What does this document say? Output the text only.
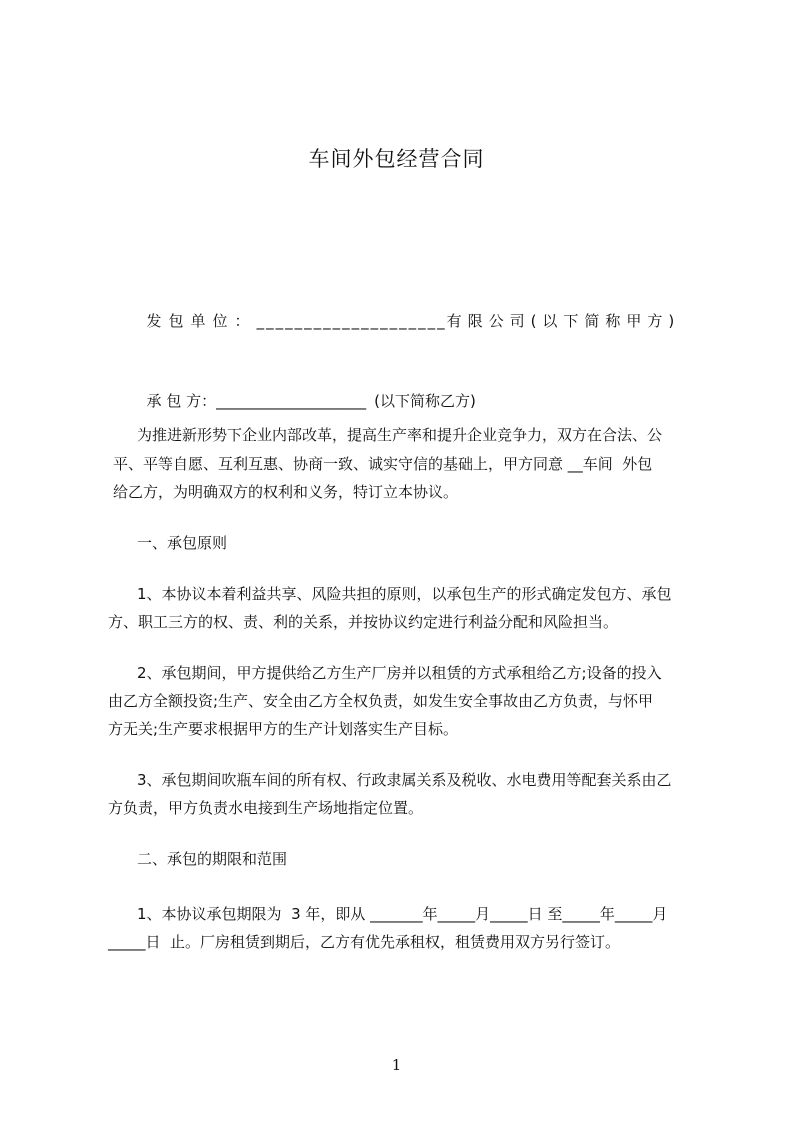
车间外包经营合同

发包单位：____________________有限公司(以下简称甲方)

承 包 方：____________________ (以下简称乙方)

为推进新形势下企业内部改革，提高生产率和提升企业竞争力，双方在合法、公
平、平等自愿、互利互惠、协商一致、诚实守信的基础上，甲方同意 __车间  外包
给乙方，为明确双方的权利和义务，特订立本协议。
一、承包原则
1、本协议本着利益共享、风险共担的原则，以承包生产的形式确定发包方、承包
方、职工三方的权、责、利的关系，并按协议约定进行利益分配和风险担当。
2、承包期间，甲方提供给乙方生产厂房并以租赁的方式承租给乙方;设备的投入
由乙方全额投资;生产、安全由乙方全权负责，如发生安全事故由乙方负责，与怀甲
方无关;生产要求根据甲方的生产计划落实生产目标。
3、承包期间吹瓶车间的所有权、行政隶属关系及税收、水电费用等配套关系由乙
方负责，甲方负责水电接到生产场地指定位置。
二、承包的期限和范围
1、本协议承包期限为  3 年，即从 _______年_____月_____日 至_____年_____月
_____日  止。厂房租赁到期后，乙方有优先承租权，租赁费用双方另行签订。
1
